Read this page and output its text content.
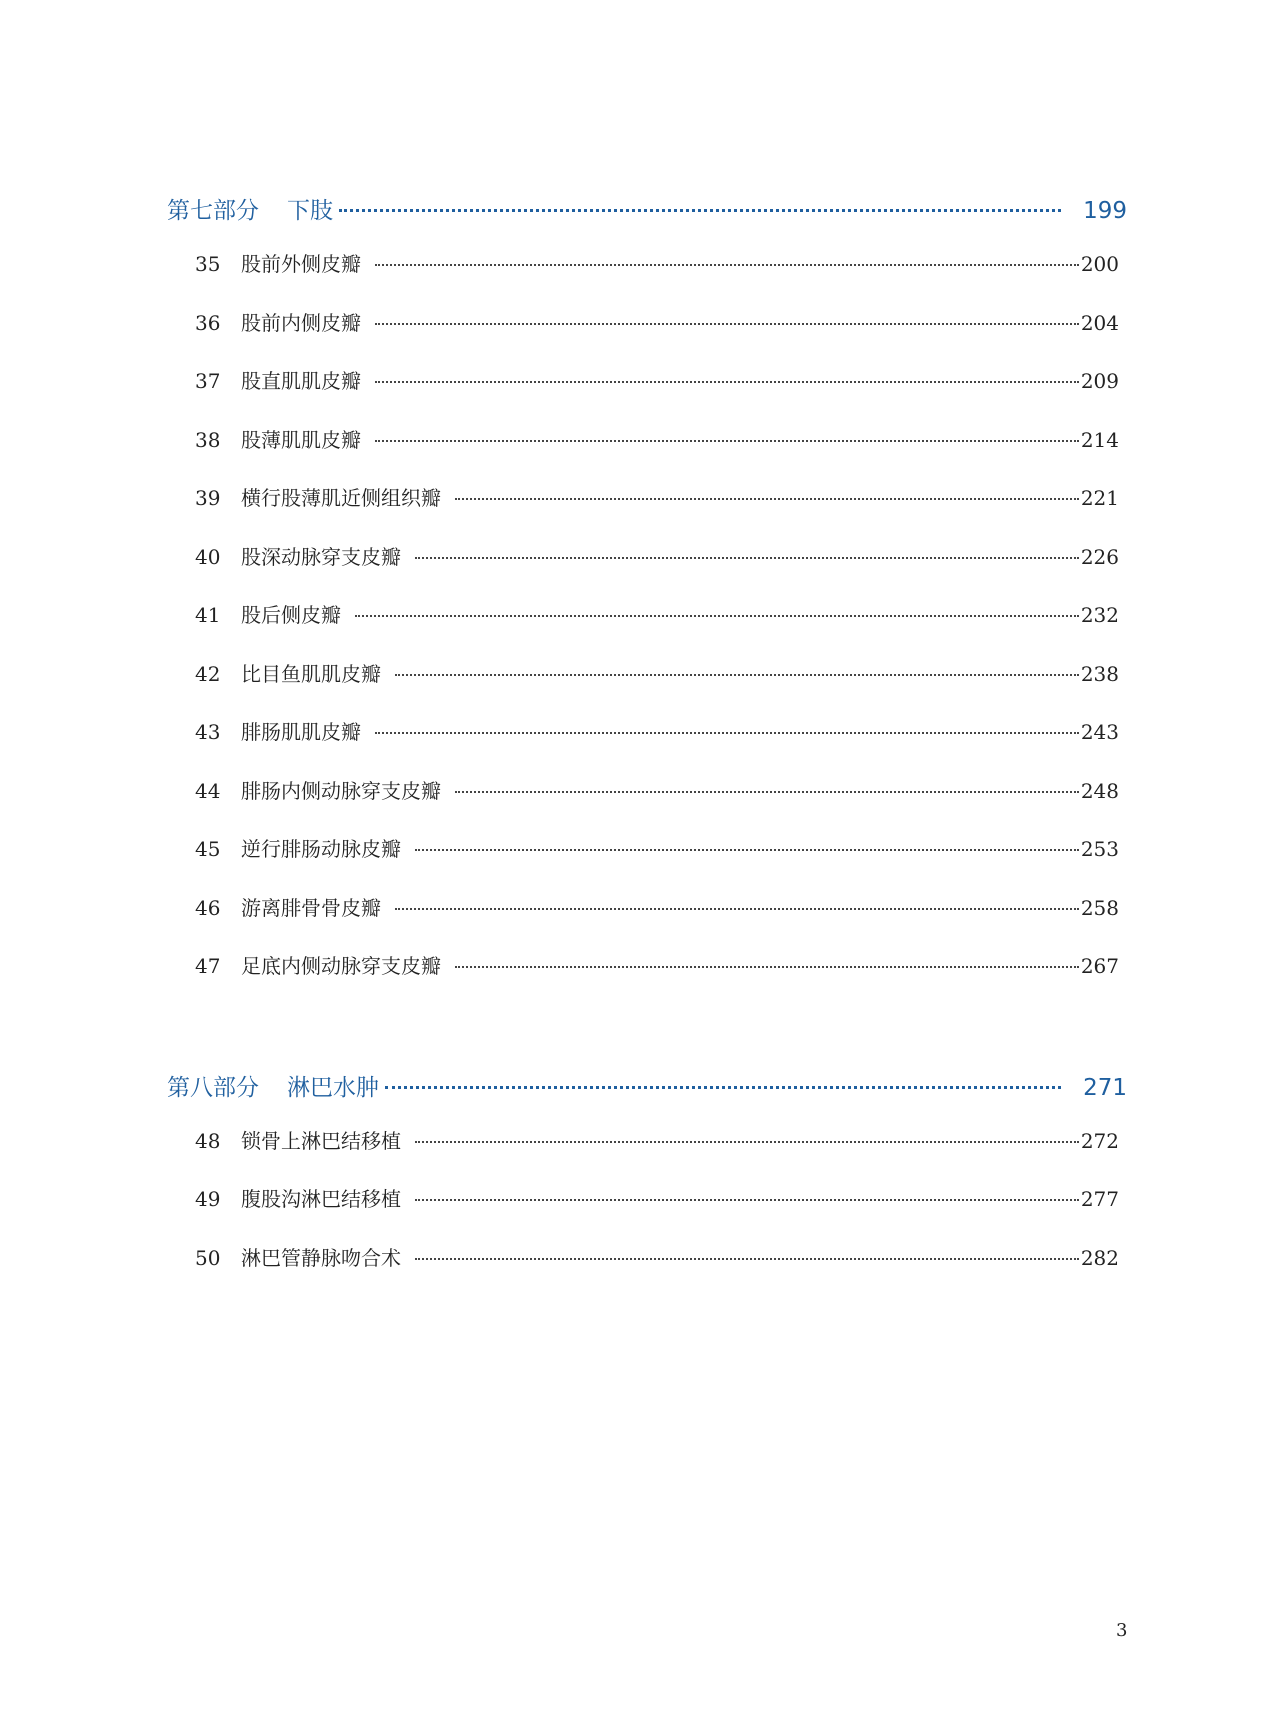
第七部分 下肢	199
35	股前外侧皮瓣	200
36	股前内侧皮瓣	204
37	股直肌肌皮瓣	209
38	股薄肌肌皮瓣	214
39	横行股薄肌近侧组织瓣	221
40	股深动脉穿支皮瓣	226
41	股后侧皮瓣	232
42	比目鱼肌肌皮瓣	238
43	腓肠肌肌皮瓣	243
44	腓肠内侧动脉穿支皮瓣	248
45	逆行腓肠动脉皮瓣	253
46	游离腓骨骨皮瓣	258
47	足底内侧动脉穿支皮瓣	267
第八部分 淋巴水肿	271
48	锁骨上淋巴结移植	272
49	腹股沟淋巴结移植	277
50	淋巴管静脉吻合术	282
3
